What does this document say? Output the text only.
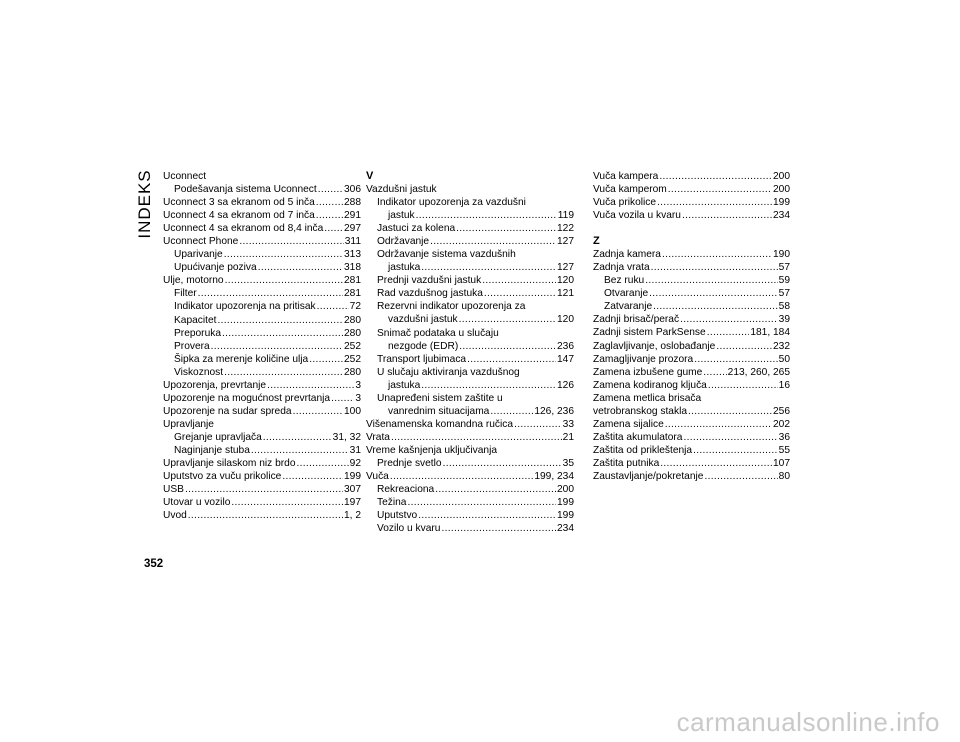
INDEKS Uconnect
Podešavanja sistema Uconnect .....	306
Uconnect 3 sa ekranom od 5 inča .....	288
Uconnect 4 sa ekranom od 7 inča .....	291
Uconnect 4 sa ekranom od 8,4 inča ..... 297
Uconnect Phone .....	311
Uparivanje .....	313
Upućivanje poziva .....	318
Ulje, motorno .....	281
Filter .....	281
Indikator upozorenja na pritisak .....	72
Kapacitet .....	280
Preporuka .....	280
Provera .....	252
Šipka za merenje količine ulja .....	252
Viskoznost .....	280
Upozorenja, prevrtanje .....	3
Upozorenje na mogućnost prevrtanja ..... 3
Upozorenje na sudar spreda .....	100
Upravljanje
Grejanje upravljača .....	31, 32
Naginjanje stuba .....	31
Upravljanje silaskom niz brdo .....	92
Uputstvo za vuču prikolice .....	199
USB .....	307
Utovar u vozilo .....	197
Uvod .....	1, 2
V
Vazdušni jastuk
Indikator upozorenja za vazdušni
jastuk .....	119
Jastuci za kolena .....	122
Održavanje .....	127
Održavanje sistema vazdušnih
jastuka .....	127
Prednji vazdušni jastuk .....	120
Rad vazdušnog jastuka .....	121
Rezervni indikator upozorenja za
vazdušni jastuk .....	120
Snimač podataka u slučaju
nezgode (EDR) .....	236
Transport ljubimaca .....	147
U slučaju aktiviranja vazdušnog
jastuka .....	126
Unapređeni sistem zaštite u
vanrednim situacijama .....	126, 236
Višenamenska komandna ručica .....	33
Vrata .....	21
Vreme kašnjenja uključivanja
Prednje svetlo .....	35
Vuča .....	199, 234
Rekreaciona .....	200
Težina .....	199
Uputstvo .....	199
Vozilo u kvaru .....	234
Vuča kampera .....	200
Vuča kamperom .....	200
Vuča prikolice .....	199
Vuča vozila u kvaru .....	234
Z
Zadnja kamera .....	190
Zadnja vrata .....	57
Bez ruku .....	59
Otvaranje .....	57
Zatvaranje .....	58
Zadnji brisač/perač .....	39
Zadnji sistem ParkSense .....	181, 184
Zaglavljivanje, oslobađanje .....	232
Zamagljivanje prozora .....	50
Zamena izbušene gume ..... 213, 260, 265
Zamena kodiranog ključa .....	16
Zamena metlica brisača
vetrobranskog stakla .....	256
Zamena sijalice .....	202
Zaštita akumulatora .....	36
Zaštita od prikleštenja .....	55
Zaštita putnika .....	107
Zaustavljanje/pokretanje .....	80
352
carmanualsonline.info
